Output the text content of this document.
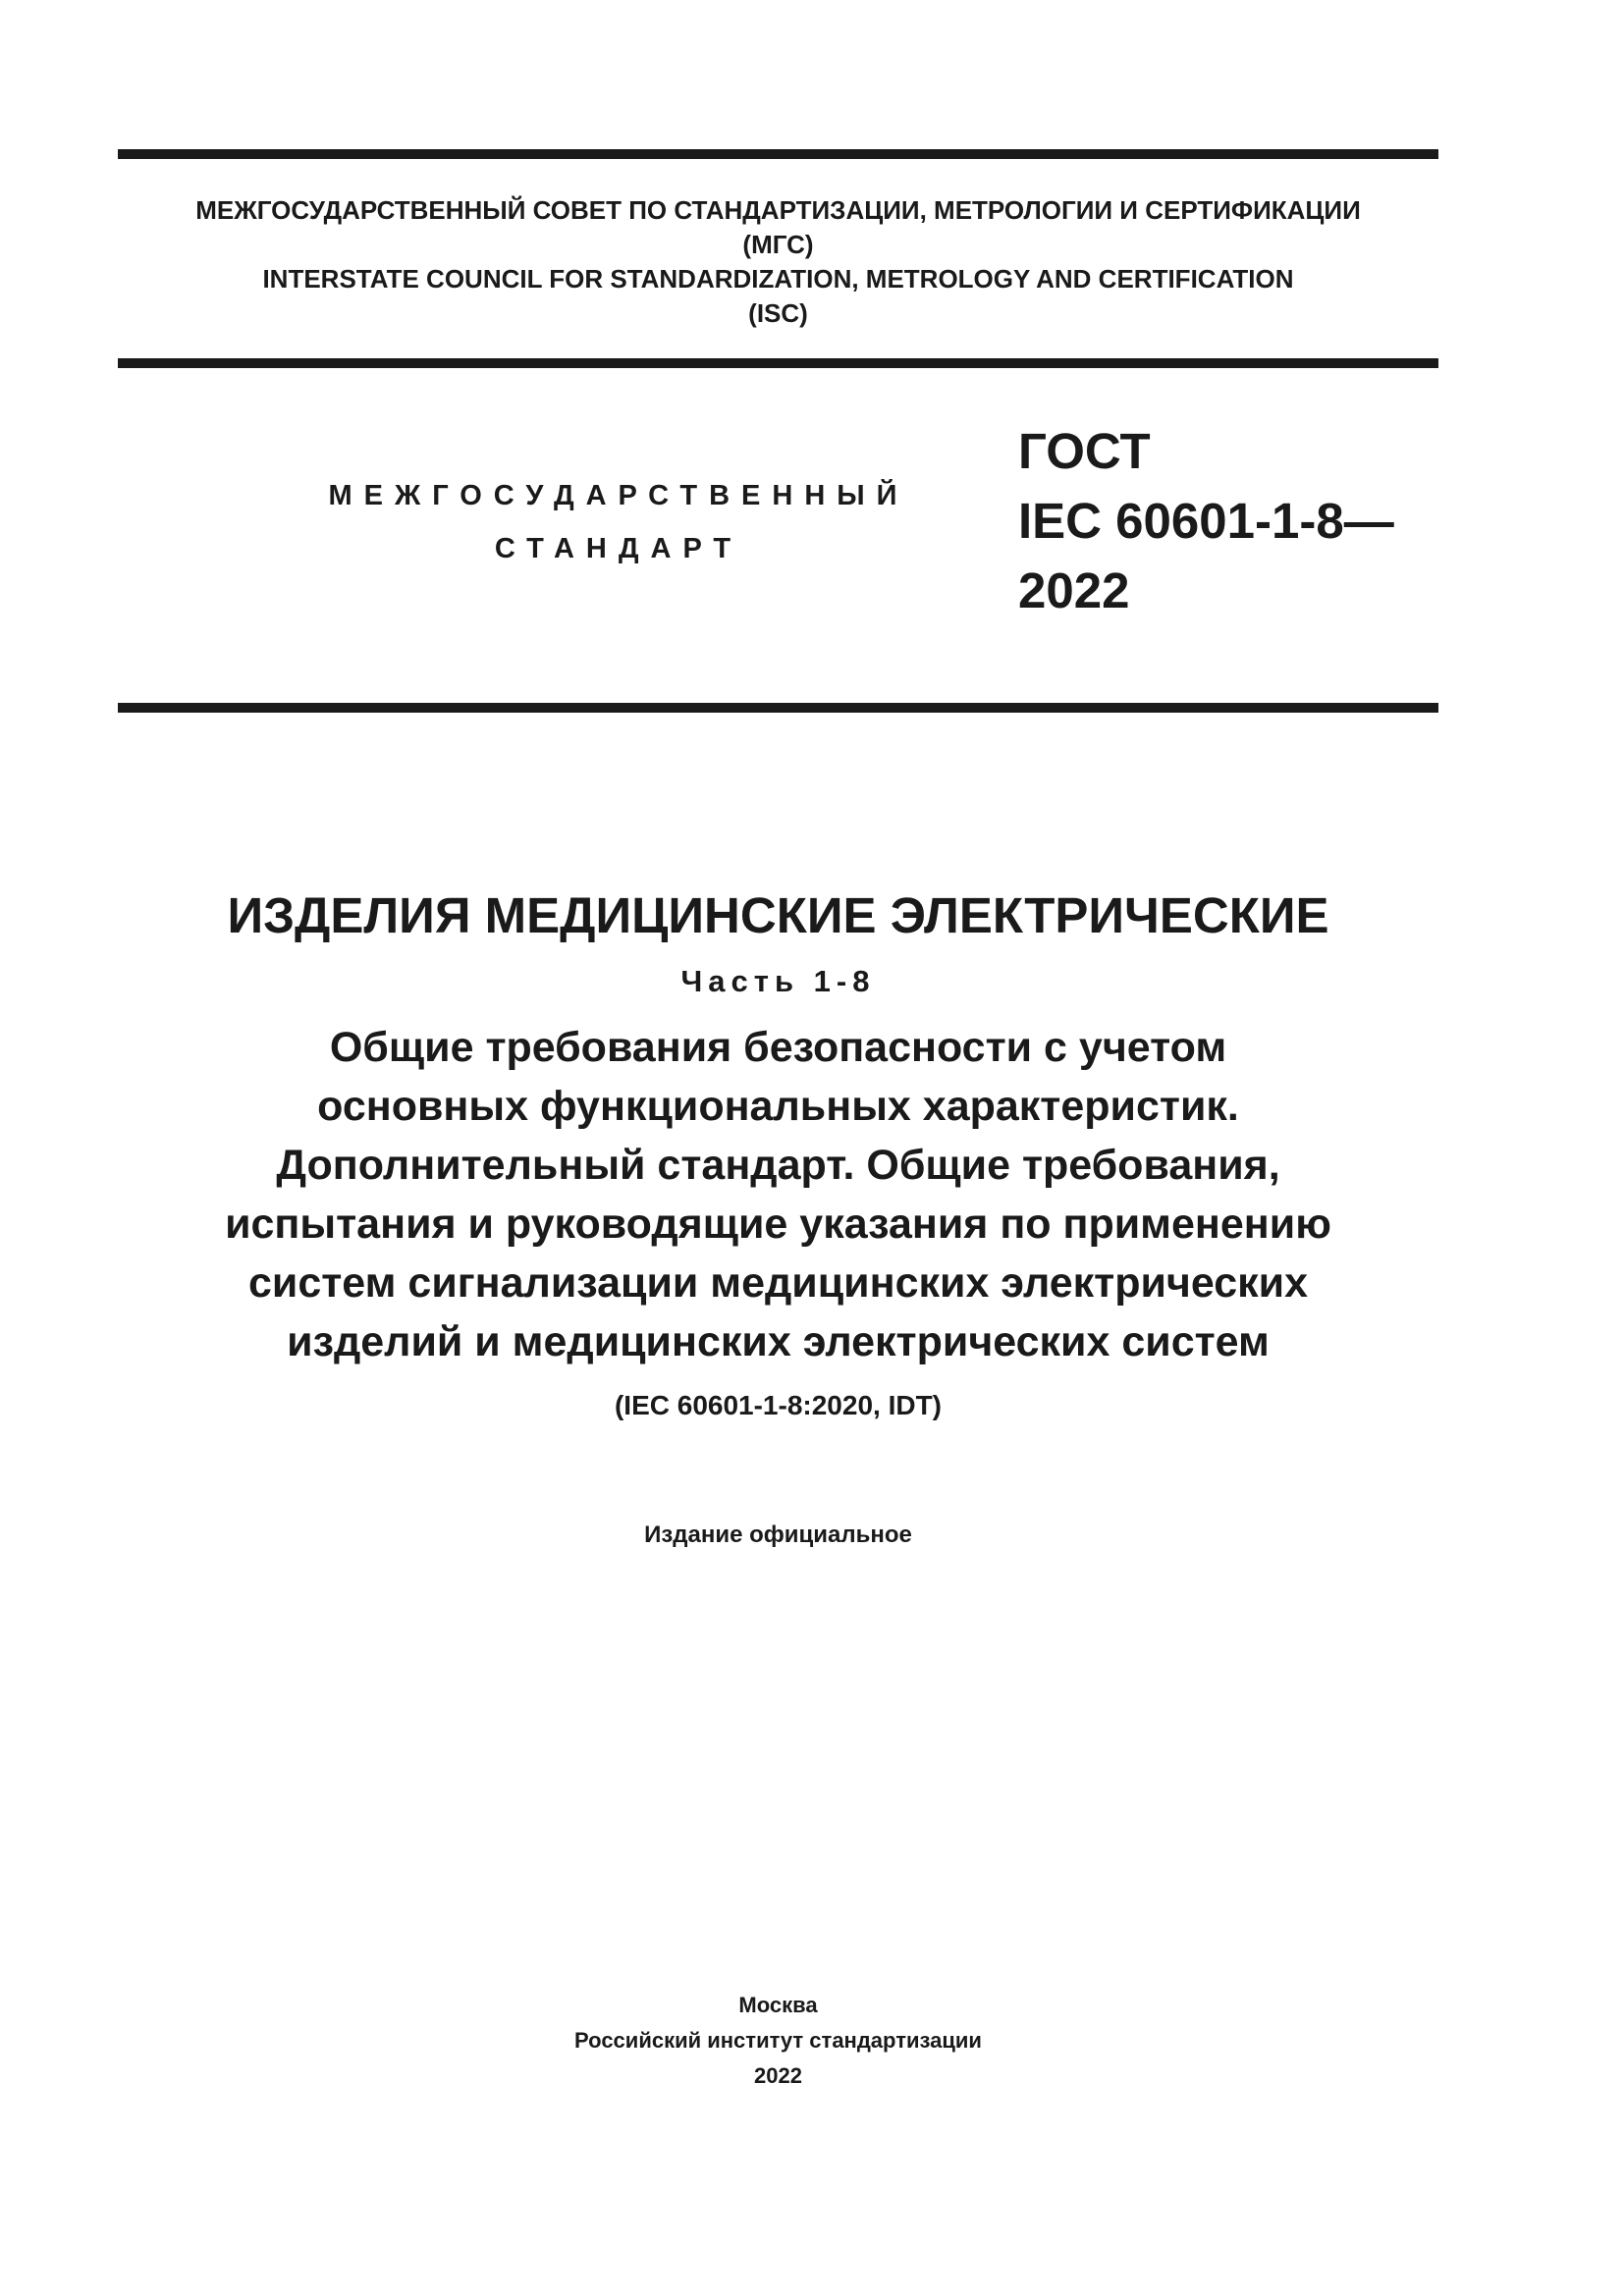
МЕЖГОСУДАРСТВЕННЫЙ СОВЕТ ПО СТАНДАРТИЗАЦИИ, МЕТРОЛОГИИ И СЕРТИФИКАЦИИ
(МГС)
INTERSTATE COUNCIL FOR STANDARDIZATION, METROLOGY AND CERTIFICATION
(ISC)
МЕЖГОСУДАРСТВЕННЫЙ
СТАНДАРТ
ГОСТ
IEC 60601-1-8—
2022
ИЗДЕЛИЯ МЕДИЦИНСКИЕ ЭЛЕКТРИЧЕСКИЕ
Часть 1-8
Общие требования безопасности с учетом
основных функциональных характеристик.
Дополнительный стандарт. Общие требования,
испытания и руководящие указания по применению
систем сигнализации медицинских электрических
изделий и медицинских электрических систем
(IEC 60601-1-8:2020, IDT)
Издание официальное
Москва
Российский институт стандартизации
2022
